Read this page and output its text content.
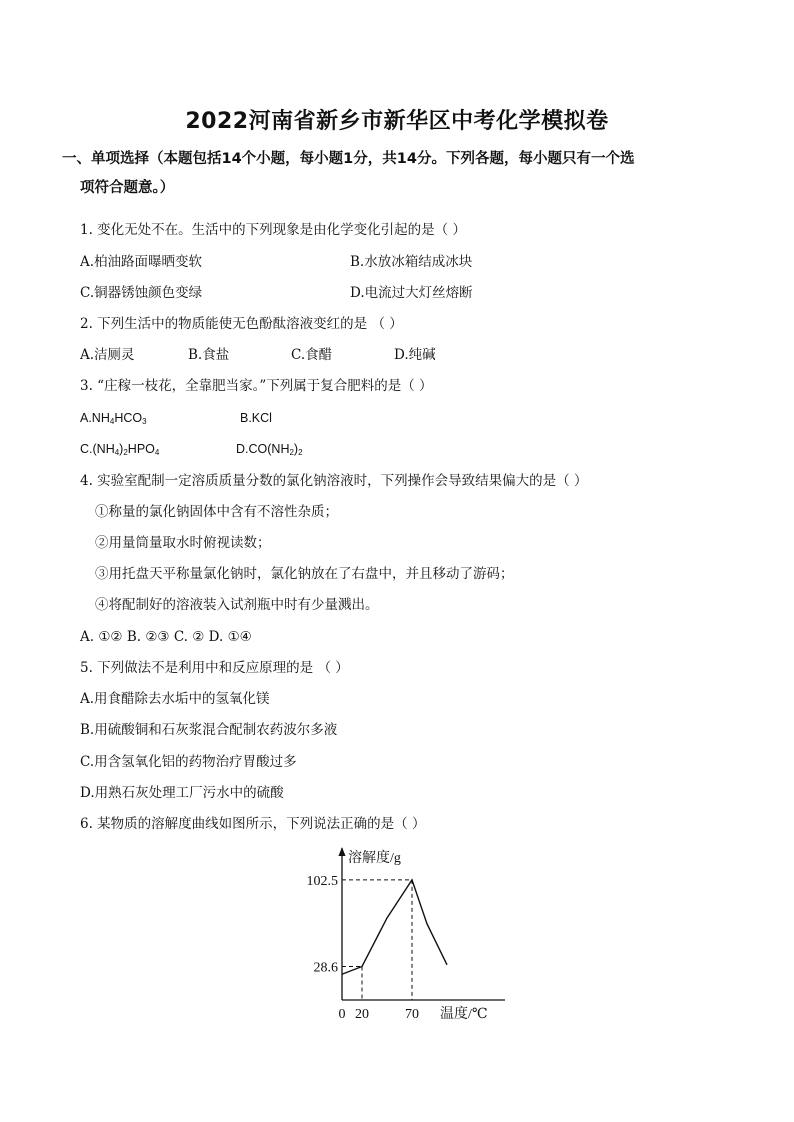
2022河南省新乡市新华区中考化学模拟卷
一、单项选择（本题包括14个小题，每小题1分，共14分。下列各题，每小题只有一个选
项符合题意。）
1. 变化无处不在。生活中的下列现象是由化学变化引起的是（ ）
A.柏油路面曝晒变软	B.水放冰箱结成冰块
C.铜器锈蚀颜色变绿	D.电流过大灯丝熔断
2. 下列生活中的物质能使无色酚酞溶液变红的是 （ ）
A.洁厕灵	B.食盐	C.食醋	D.纯碱
3. “庄稼一枝花，全靠肥当家。”下列属于复合肥料的是（ ）
$A.NH_4HCO_3$	B.KCl
$C.(NH_4)_2HPO_4$	$D.CO(NH_2)_2$
4. 实验室配制一定溶质质量分数的氯化钠溶液时，下列操作会导致结果偏大的是（ ）
①称量的氯化钠固体中含有不溶性杂质；
②用量筒量取水时俯视读数；
③用托盘天平称量氯化钠时，氯化钠放在了右盘中，并且移动了游码；
④将配制好的溶液装入试剂瓶中时有少量溅出。
A. ①② B. ②③ C. ② D. ①④
5. 下列做法不是利用中和反应原理的是 （ ）
A.用食醋除去水垢中的氢氧化镁
B.用硫酸铜和石灰浆混合配制农药波尔多液
C.用含氢氧化铝的药物治疗胃酸过多
D.用熟石灰处理工厂污水中的硫酸
6. 某物质的溶解度曲线如图所示，下列说法正确的是（ ）
溶解度/g
温度/℃
102.5
28.6
0 20	70
